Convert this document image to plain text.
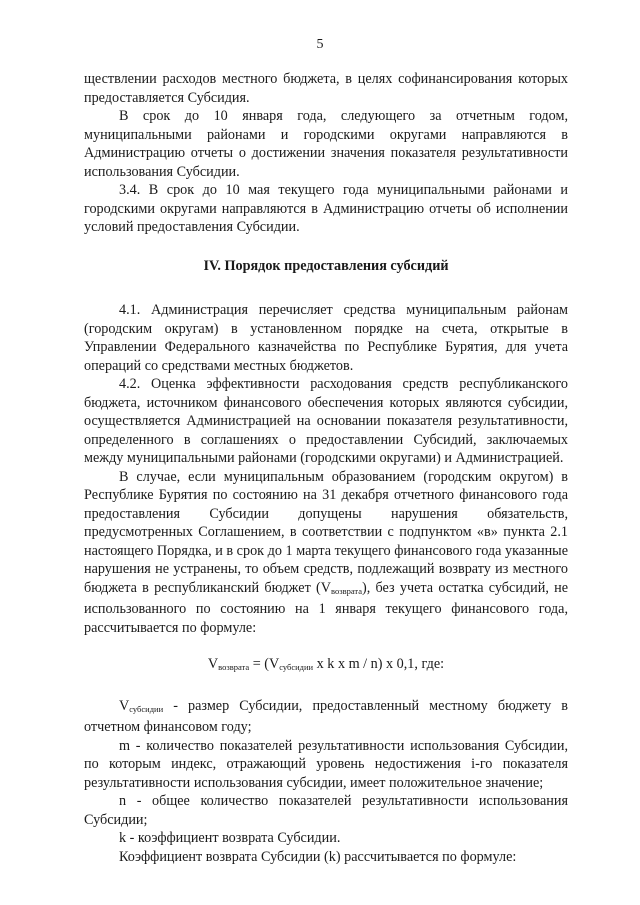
5

ществлении расходов местного бюджета, в целях софинансирования которых предоставляется Субсидия.

В срок до 10 января года, следующего за отчетным годом, муниципальными районами и городскими округами направляются в Администрацию отчеты о достижении значения показателя результативности использования Субсидии.

3.4. В срок до 10 мая текущего года муниципальными районами и городскими округами направляются в Администрацию отчеты об исполнении условий предоставления Субсидии.

IV. Порядок предоставления субсидий

4.1. Администрация перечисляет средства муниципальным районам (городским округам) в установленном порядке на счета, открытые в Управлении Федерального казначейства по Республике Бурятия, для учета операций со средствами местных бюджетов.

4.2. Оценка эффективности расходования средств республиканского бюджета, источником финансового обеспечения которых являются субсидии, осуществляется Администрацией на основании показателя результативности, определенного в соглашениях о предоставлении Субсидий, заключаемых между муниципальными районами (городскими округами) и Администрацией.

В случае, если муниципальным образованием (городским округом) в Республике Бурятия по состоянию на 31 декабря отчетного финансового года предоставления Субсидии допущены нарушения обязательств, предусмотренных Соглашением, в соответствии с подпунктом «в» пункта 2.1 настоящего Порядка, и в срок до 1 марта текущего финансового года указанные нарушения не устранены, то объем средств, подлежащий возврату из местного бюджета в республиканский бюджет $(V_{возврата})$, без учета остатка субсидий, не использованного по состоянию на 1 января текущего финансового года, рассчитывается по формуле:

$V_{возврата} = (V_{субсидии}$ x k x m / n) x 0,1, где:

$V_{субсидии}$ - размер Субсидии, предоставленный местному бюджету в отчетном финансовом году;

m - количество показателей результативности использования Субсидии, по которым индекс, отражающий уровень недостижения i-го показателя результативности использования субсидии, имеет положительное значение;

n - общее количество показателей результативности использования Субсидии;

k - коэффициент возврата Субсидии.

Коэффициент возврата Субсидии (k) рассчитывается по формуле:
